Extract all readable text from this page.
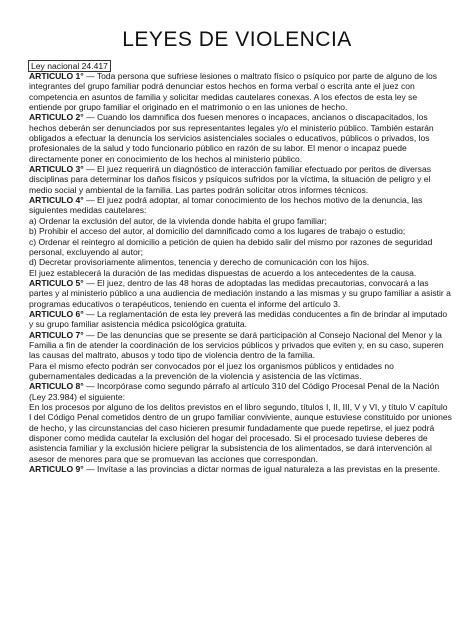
LEYES DE VIOLENCIA
Ley nacional 24.417

ARTICULO 1° — Toda persona que sufriese lesiones o maltrato físico o psíquico por parte de alguno de los integrantes del grupo familiar podrá denunciar estos hechos en forma verbal o escrita ante el juez con competencia en asuntos de familia y solicitar medidas cautelares conexas. A los efectos de esta ley se entiende por grupo familiar el originado en el matrimonio o en las uniones de hecho.

ARTICULO 2° — Cuando los damnifica dos fuesen menores o incapaces, ancianos o discapacitados, los hechos deberán ser denunciados por sus representantes legales y/o el ministerio público. También estarán obligados a efectuar la denuncia los servicios asistenciales sociales o educativos, públicos o privados, los profesionales de la salud y todo funcionario público en razón de su labor. El menor o incapaz puede directamente poner en conocimiento de los hechos al ministerio público.

ARTICULO 3° — El juez requerirá un diagnóstico de interacción familiar efectuado por peritos de diversas disciplinas para determinar los daños físicos y psíquicos sufridos por la víctima, la situación de peligro y el medio social y ambiental de la familia. Las partes podrán solicitar otros informes técnicos.

ARTICULO 4° — El juez podrá adoptar, al tomar conocimiento de los hechos motivo de la denuncia, las siguientes medidas cautelares:

a) Ordenar la exclusión del autor, de la vivienda donde habita el grupo familiar;

b) Prohibir el acceso del autor, al domicilio del damnificado como a los lugares de trabajo o estudio;

c) Ordenar el reintegro al domicilio a petición de quien ha debido salir del mismo por razones de seguridad personal, excluyendo al autor;

d) Decretar provisoriamente alimentos, tenencia y derecho de comunicación con los hijos.

El juez establecerá la duración de las medidas dispuestas de acuerdo a los antecedentes de la causa.

ARTICULO 5° — El juez, dentro de las 48 horas de adoptadas las medidas precautorias, convocará a las partes y al ministerio público a una audiencia de mediación instando a las mismas y su grupo familiar a asistir a programas educativos o terapéuticos, teniendo en cuenta el informe del artículo 3.

ARTICULO 6° — La reglamentación de esta ley preverá las medidas conducentes a fin de brindar al imputado y su grupo familiar asistencia médica psicológica gratuita.

ARTICULO 7° — De las denuncias que se presente se dará participación al Consejo Nacional del Menor y la Familia a fin de atender la coordinación de los servicios públicos y privados que eviten y, en su caso, superen las causas del maltrato, abusos y todo tipo de violencia dentro de la familia.

Para el mismo efecto podrán ser convocados por el juez los organismos públicos y entidades no gubernamentales dedicadas a la prevención de la violencia y asistencia de las víctimas.

ARTICULO 8° — Incorpórase como segundo párrafo al artículo 310 del Código Procesal Penal de la Nación (Ley 23.984) el siguiente:

En los procesos por alguno de los delitos previstos en el libro segundo, títulos I, II, III, V y VI, y título V capítulo I del Código Penal cometidos dentro de un grupo familiar conviviente, aunque estuviese constituido por uniones de hecho, y las circunstancias del caso hicieren presumir fundadamente que puede repetirse, el juez podrá disponer como medida cautelar la exclusión del hogar del procesado. Si el procesado tuviese deberes de asistencia familiar y la exclusión hiciere peligrar la subsistencia de los alimentados, se dará intervención al asesor de menores para que se promuevan las acciones que correspondan.

ARTICULO 9° — Invítase a las provincias a dictar normas de igual naturaleza a las previstas en la presente.
